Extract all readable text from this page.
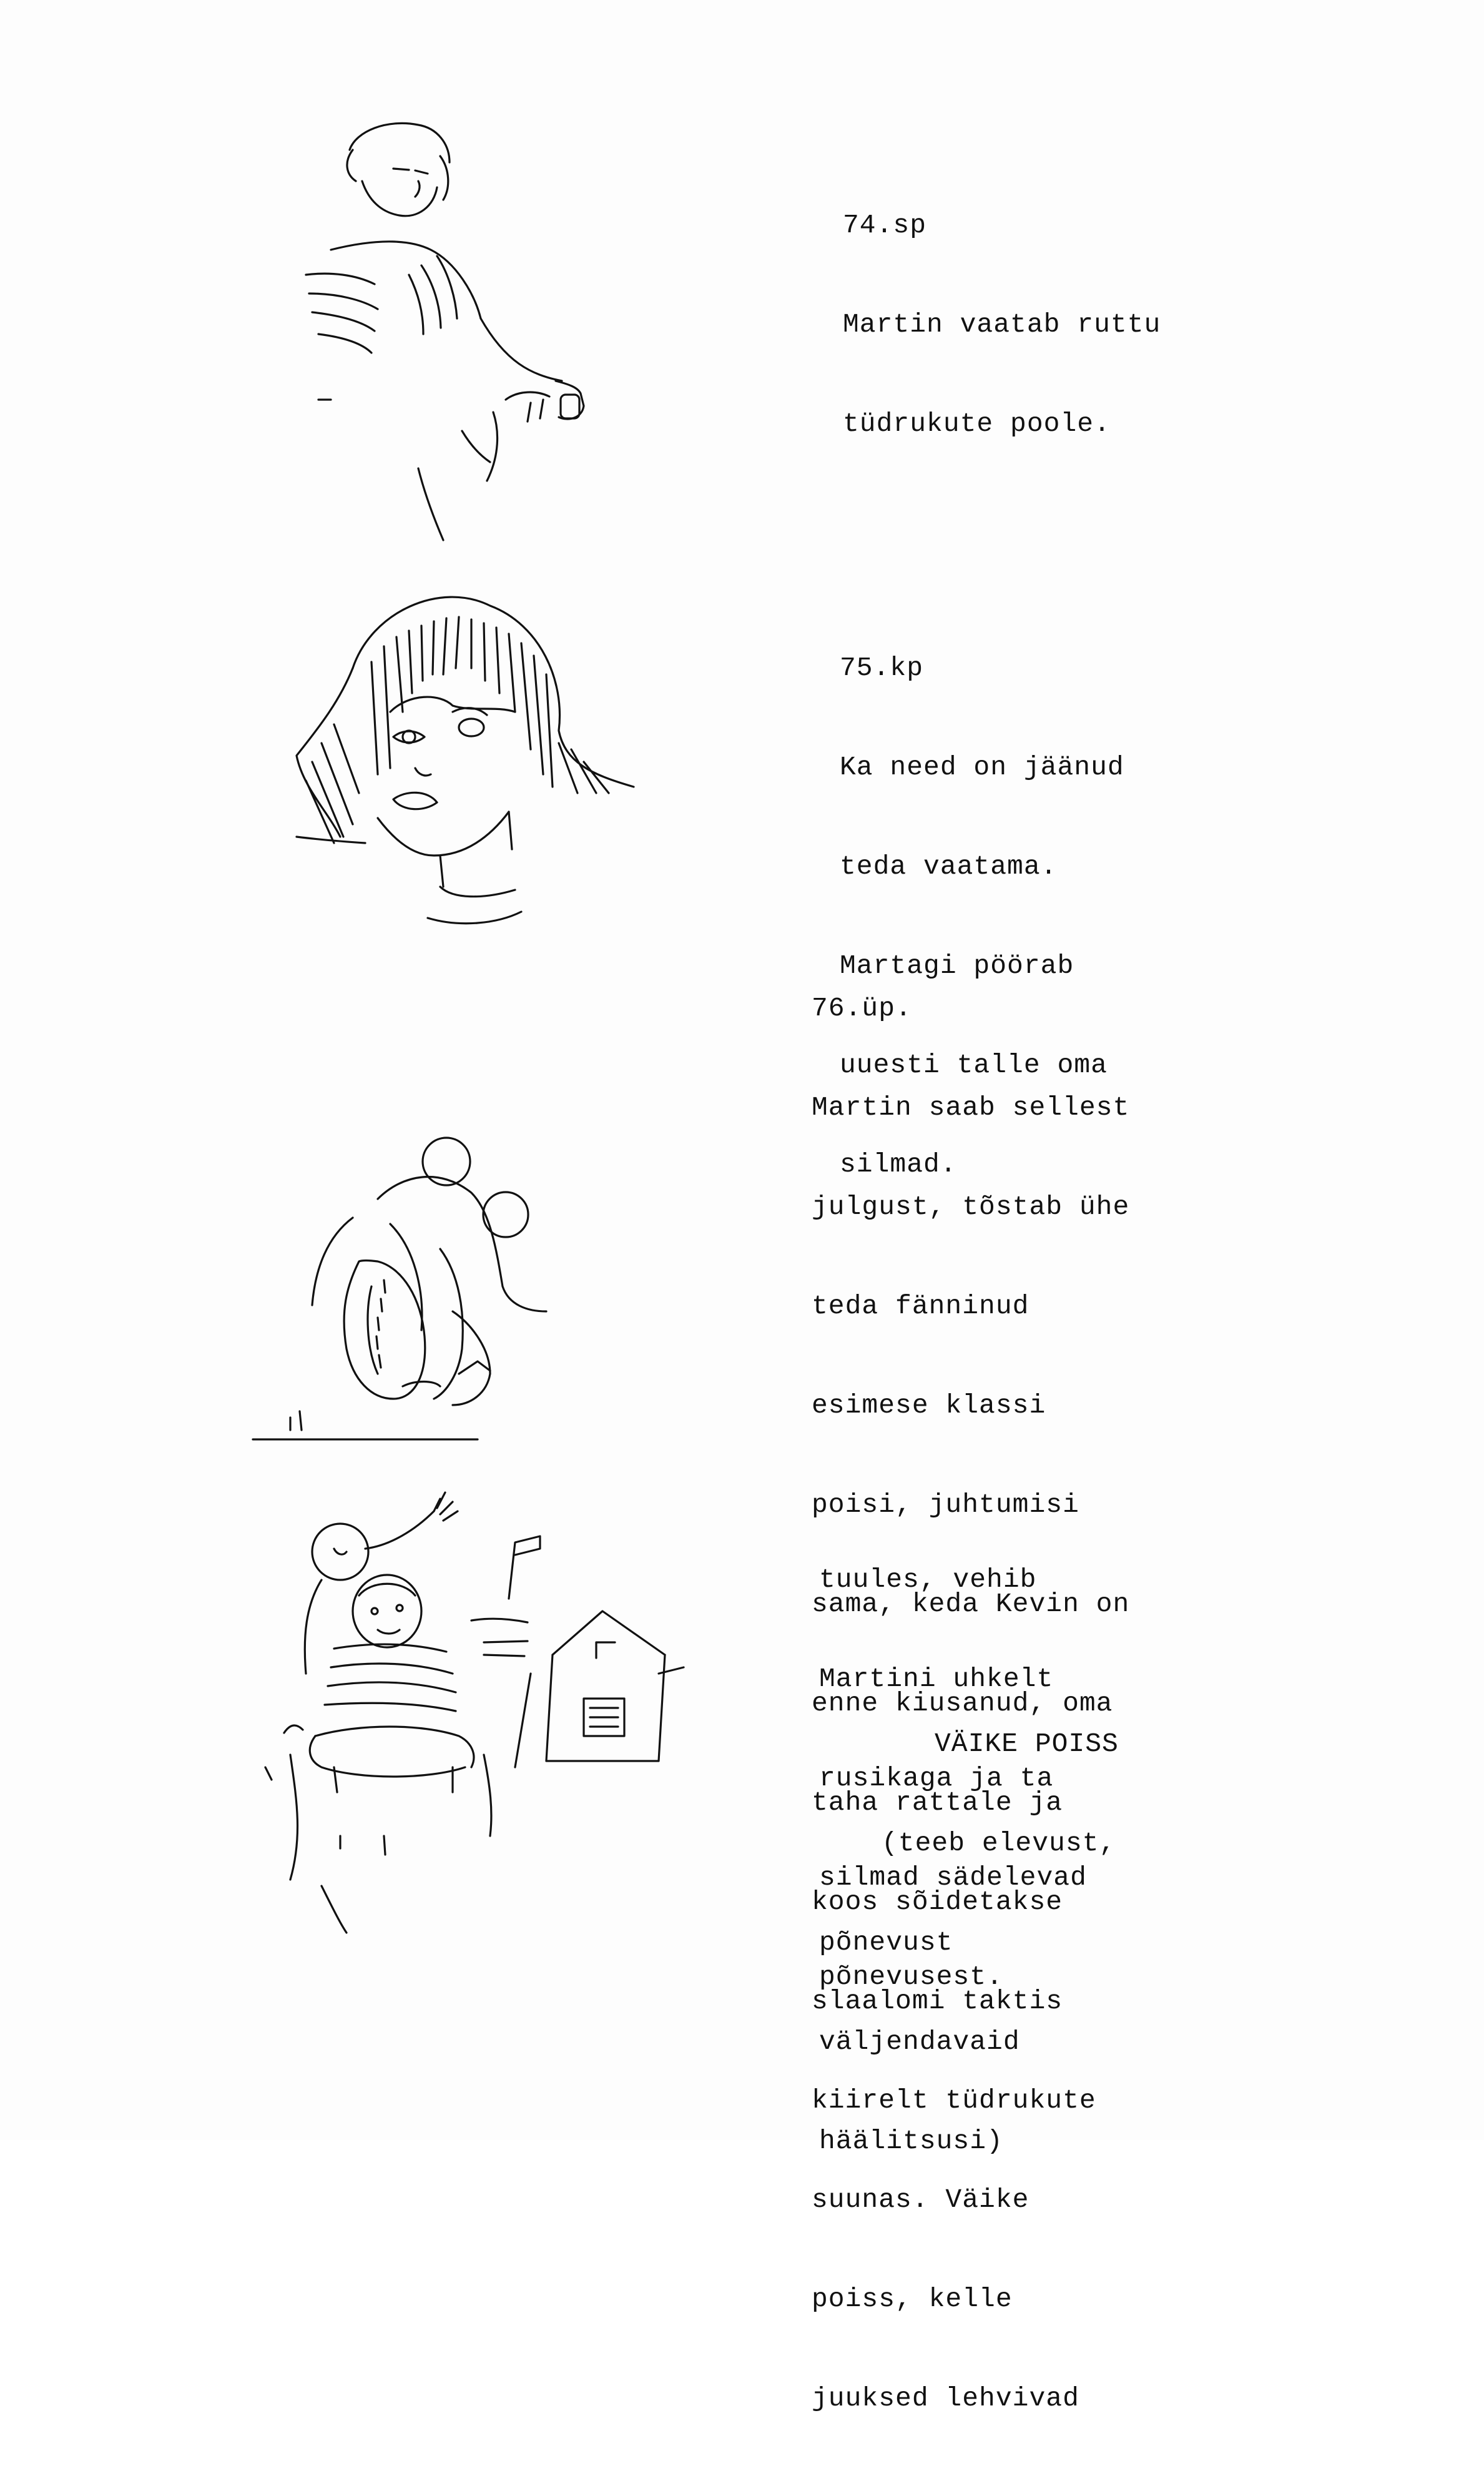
74.sp

Martin vaatab ruttu

tüdrukute poole.

75.kp

Ka need on jäänud

teda vaatama.

Martagi pöörab

uuesti talle oma

silmad.

76.üp.

Martin saab sellest

julgust, tõstab ühe

teda fänninud

esimese klassi

poisi, juhtumisi

sama, keda Kevin on

enne kiusanud, oma

taha rattale ja

koos sõidetakse

slaalomi taktis

kiirelt tüdrukute

suunas. Väike

poiss, kelle

juuksed lehvivad

tuules, vehib

Martini uhkelt

rusikaga ja ta

silmad sädelevad

põnevusest.

VÄIKE POISS

(teeb elevust,

põnevust

väljendavaid

häälitsusi)
